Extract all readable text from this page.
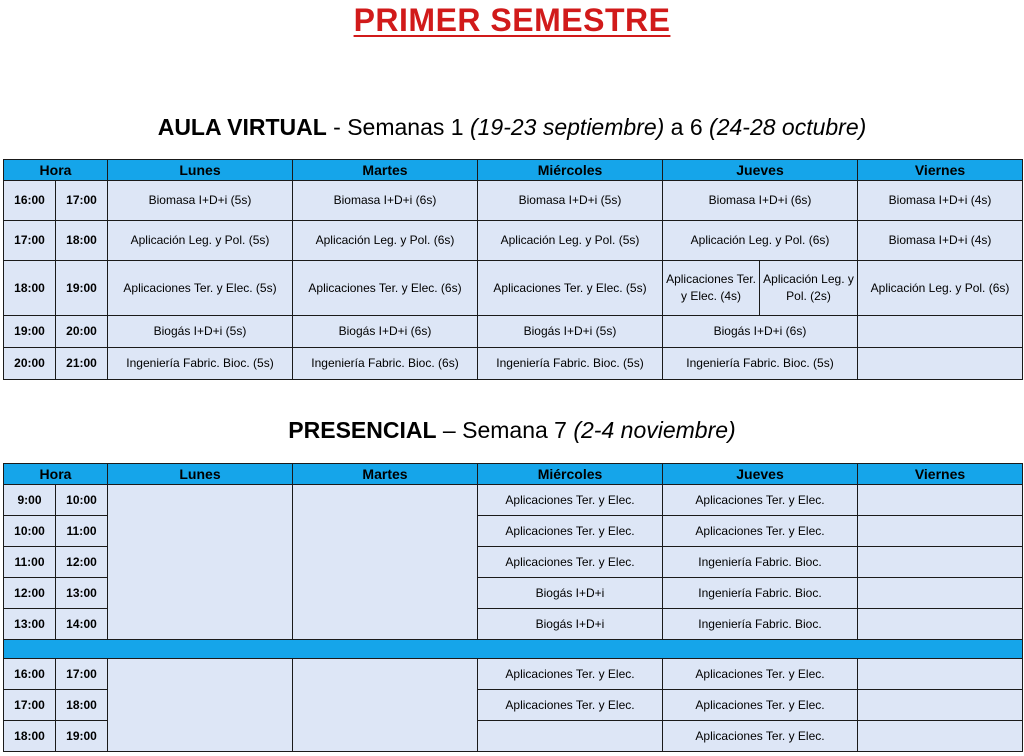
PRIMER SEMESTRE
AULA VIRTUAL - Semanas 1 (19-23 septiembre) a 6 (24-28 octubre)
Hora		Lunes	Martes	Miércoles	Jueves		Viernes
16:00	17:00	Biomasa I+D+i (5s)	Biomasa I+D+i (6s)	Biomasa I+D+i (5s)	Biomasa I+D+i (6s)		Biomasa I+D+i (4s)
17:00	18:00	Aplicación Leg. y Pol. (5s)	Aplicación Leg. y Pol. (6s)	Aplicación Leg. y Pol. (5s)	Aplicación Leg. y Pol. (6s)		Biomasa I+D+i (4s)
18:00	19:00	Aplicaciones Ter. y Elec. (5s)	Aplicaciones Ter. y Elec. (6s)	Aplicaciones Ter. y Elec. (5s)	Aplicaciones Ter. y Elec. (4s)	Aplicación Leg. y Pol. (2s)	Aplicación Leg. y Pol. (6s)
19:00	20:00	Biogás I+D+i (5s)	Biogás I+D+i (6s)	Biogás I+D+i (5s)	Biogás I+D+i (6s)		
20:00	21:00	Ingeniería Fabric. Bioc. (5s)	Ingeniería Fabric. Bioc. (6s)	Ingeniería Fabric. Bioc. (5s)	Ingeniería Fabric. Bioc. (5s)		
PRESENCIAL – Semana 7 (2-4 noviembre)
Hora		Lunes	Martes	Miércoles	Jueves	Viernes
9:00	10:00			Aplicaciones Ter. y Elec.	Aplicaciones Ter. y Elec.	
10:00	11:00			Aplicaciones Ter. y Elec.	Aplicaciones Ter. y Elec.	
11:00	12:00			Aplicaciones Ter. y Elec.	Ingeniería Fabric. Bioc.	
12:00	13:00			Biogás I+D+i	Ingeniería Fabric. Bioc.	
13:00	14:00			Biogás I+D+i	Ingeniería Fabric. Bioc.	

16:00	17:00			Aplicaciones Ter. y Elec.	Aplicaciones Ter. y Elec.	
17:00	18:00			Aplicaciones Ter. y Elec.	Aplicaciones Ter. y Elec.	
18:00	19:00				Aplicaciones Ter. y Elec.	
